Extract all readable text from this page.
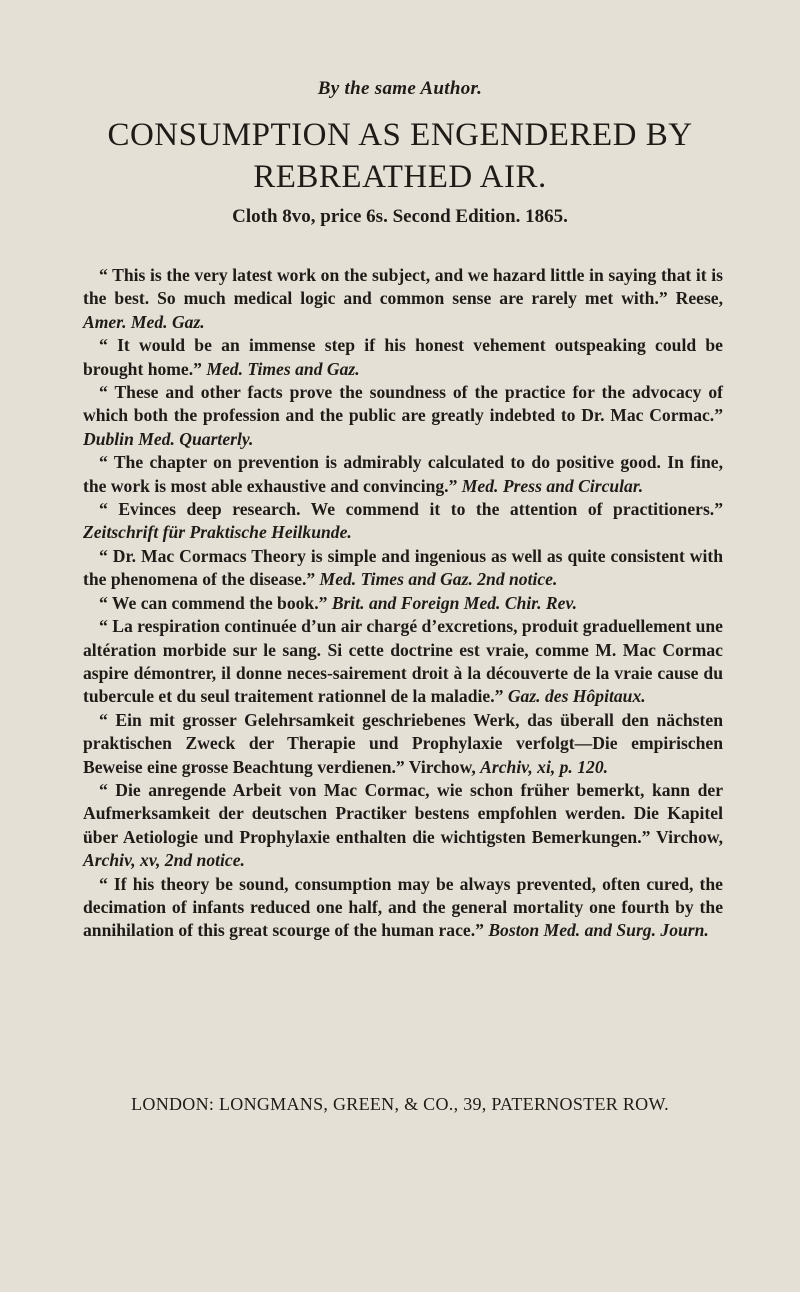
By the same Author.
CONSUMPTION AS ENGENDERED BY
REBREATHED AIR.
Cloth 8vo, price 6s. Second Edition. 1865.

“ This is the very latest work on the subject, and we hazard little in saying that it is the best. So much medical logic and common sense are rarely met with.” Reese, Amer. Med. Gaz.

“ It would be an immense step if his honest vehement outspeaking could be brought home.” Med. Times and Gaz.

“ These and other facts prove the soundness of the practice for the advocacy of which both the profession and the public are greatly indebted to Dr. Mac Cormac.” Dublin Med. Quarterly.

“ The chapter on prevention is admirably calculated to do positive good. In fine, the work is most able exhaustive and convincing.” Med. Press and Circular.

“ Evinces deep research. We commend it to the attention of practitioners.” Zeitschrift für Praktische Heilkunde.

“ Dr. Mac Cormacs Theory is simple and ingenious as well as quite consistent with the phenomena of the disease.” Med. Times and Gaz. 2nd notice.

“ We can commend the book.” Brit. and Foreign Med. Chir. Rev.

“ La respiration continuée d’un air chargé d’excretions, produit graduellement une altération morbide sur le sang. Si cette doctrine est vraie, comme M. Mac Cormac aspire démontrer, il donne neces-sairement droit à la découverte de la vraie cause du tubercule et du seul traitement rationnel de la maladie.” Gaz. des Hôpitaux.

“ Ein mit grosser Gelehrsamkeit geschriebenes Werk, das überall den nächsten praktischen Zweck der Therapie und Prophylaxie verfolgt—Die empirischen Beweise eine grosse Beachtung verdienen.” Virchow, Archiv, xi, p. 120.

“ Die anregende Arbeit von Mac Cormac, wie schon früher bemerkt, kann der Aufmerksamkeit der deutschen Practiker bestens empfohlen werden. Die Kapitel über Aetiologie und Prophylaxie enthalten die wichtigsten Bemerkungen.” Virchow, Archiv, xv, 2nd notice.

“ If his theory be sound, consumption may be always prevented, often cured, the decimation of infants reduced one half, and the general mortality one fourth by the annihilation of this great scourge of the human race.” Boston Med. and Surg. Journ.

LONDON: LONGMANS, GREEN, & CO., 39, PATERNOSTER ROW.
